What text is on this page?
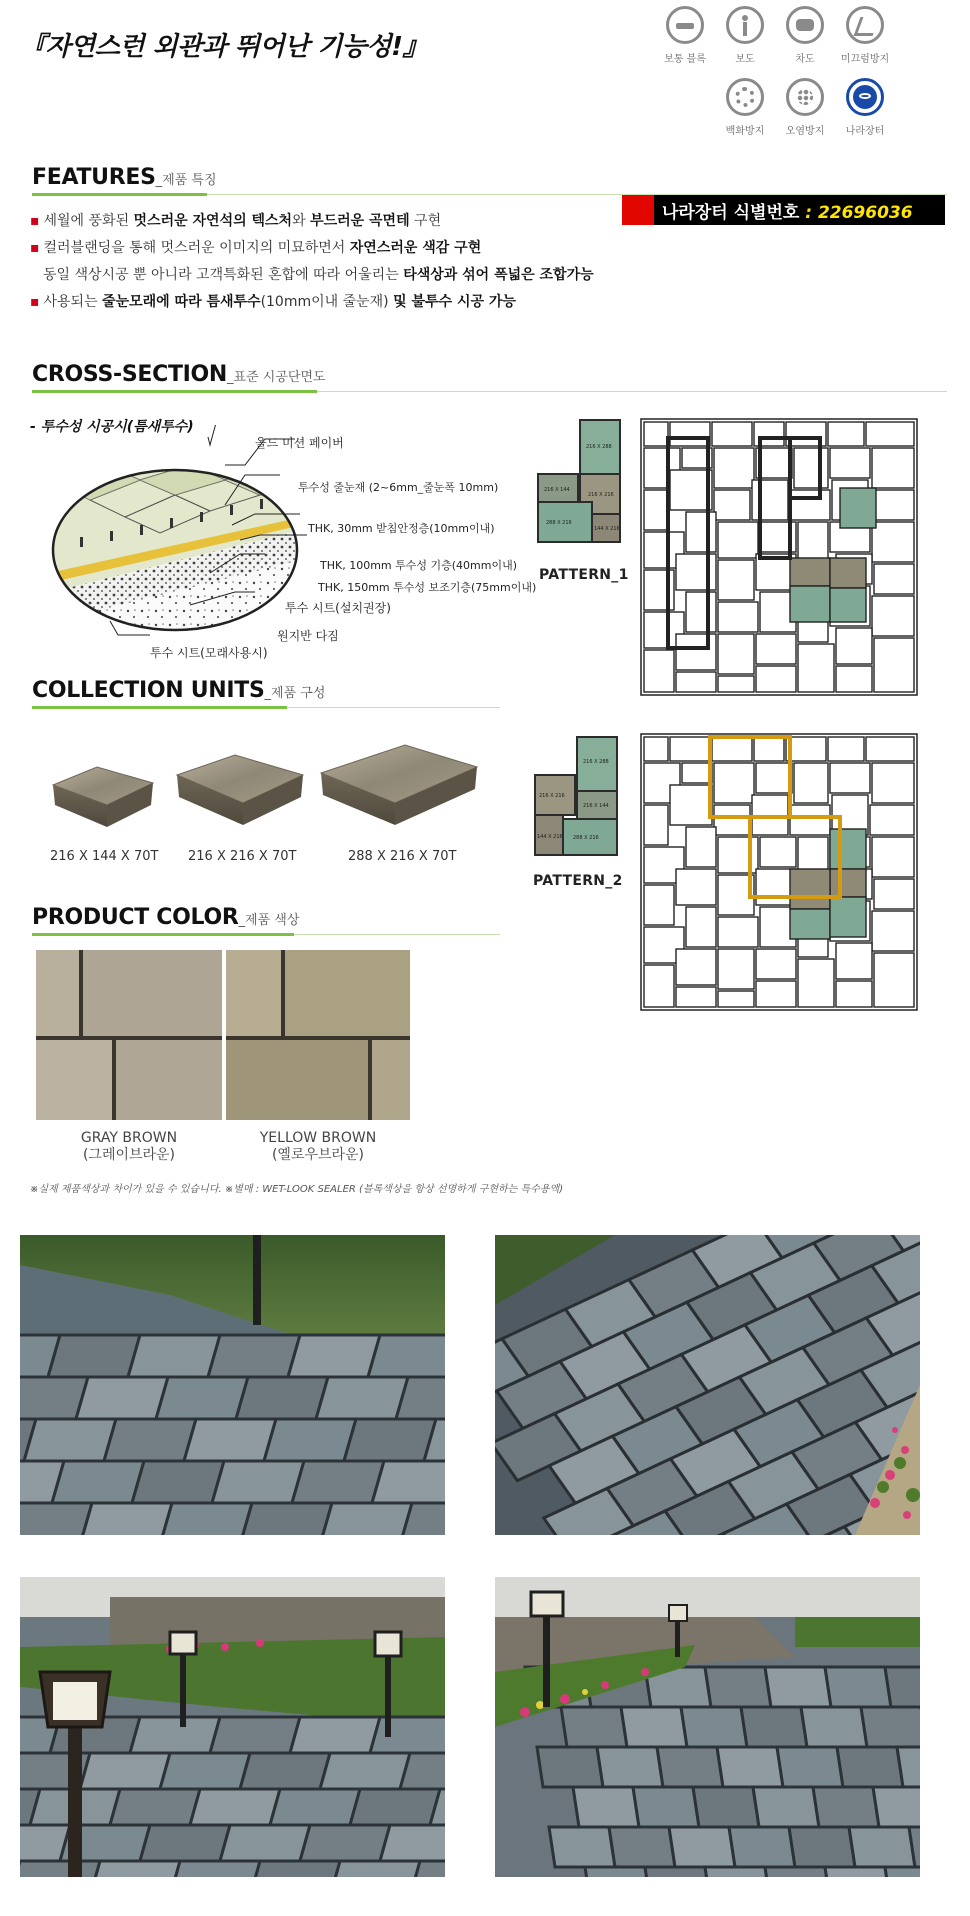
『자연스런 외관과 뛰어난 기능성!』	보통 블록	보도	차도	미끄럼방지
백화방지	오염방지	나라장터
FEATURES_제품 특징
나라장터 식별번호 : 22696036
▪ 세월에 풍화된 멋스러운 자연석의 텍스처와 부드러운 곡면테 구현
▪ 컬러블랜딩을 통해 멋스러운 이미지의 미묘하면서 자연스러운 색감 구현
동일 색상시공 뿐 아니라 고객특화된 혼합에 따라 어울리는 타색상과 섞어 폭넓은 조합가능
▪ 사용되는 줄눈모래에 따라 틈새투수(10mm이내 줄눈재) 및 불투수 시공 가능
CROSS-SECTION_표준 시공단면도
- 투수성 시공시(틈새투수)
올드 미션 페이버
투수성 줄눈재 (2~6mm_줄눈폭 10mm)
THK, 30mm 받침안정층(10mm이내)
THK, 100mm 투수성 기층(40mm이내)
THK, 150mm 투수성 보조기층(75mm이내)
투수 시트(설치권장)
원지반 다짐
투수 시트(모래사용시)
216 X 288
216 X 144
216 X 216
288 X 216
144 X 216
PATTERN_1
216 X 288
216 X 216
216 X 144
144 X 216 288 X 216
PATTERN_2
COLLECTION UNITS_제품 구성
216 X 144 X 70T 216 X 216 X 70T	288 X 216 X 70T
PRODUCT COLOR_제품 색상
GRAY BROWN
(그레이브라운)
YELLOW BROWN
(옐로우브라운)
※실제 제품색상과 차이가 있을 수 있습니다. ※별매 : WET-LOOK SEALER (블록색상을 항상 선명하게 구현하는 특수용액)
